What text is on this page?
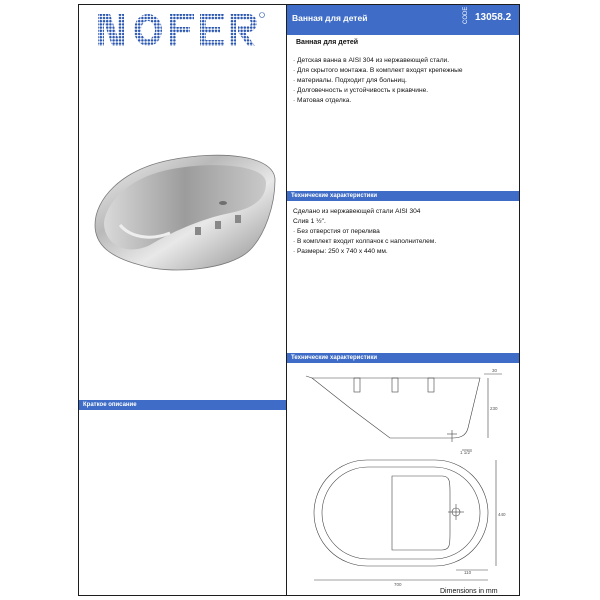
Ванная для детей	CODE 13058.2
Ванная для детей
· Детская ванна в AISI 304 из нержавеющей стали.
· Для скрытого монтажа. В комплект входят крепежные
· материалы. Подходит для больниц.
· Долговечность и устойчивость к ржавчине.
· Матовая отделка.
Технические характеристики
Сделано из нержавеющей стали AISI 304
Слив 1 ½".
· Без отверстия от перелива
· В комплект входит колпачок с наполнителем.
· Размеры: 250 x 740 x 440 мм.
Технические характеристики
Краткое описание
30
230
1 1/2"
440
110
700
Dimensions in mm
